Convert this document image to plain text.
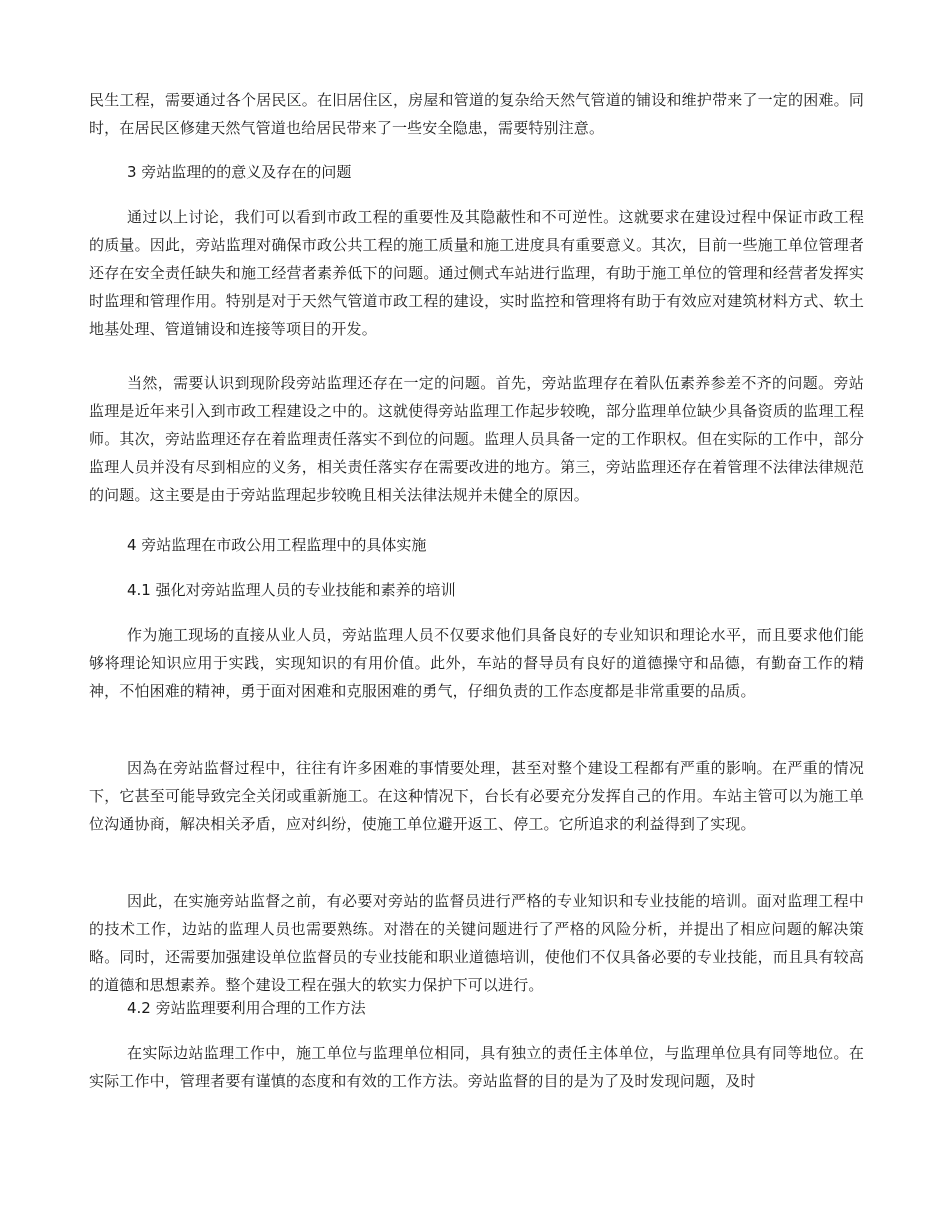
民生工程，需要通过各个居民区。在旧居住区，房屋和管道的复杂给天然气管道的铺设和维护带来了一定的困难。同时，在居民区修建天然气管道也给居民带来了一些安全隐患，需要特别注意。

3 旁站监理的的意义及存在的问题

通过以上讨论，我们可以看到市政工程的重要性及其隐蔽性和不可逆性。这就要求在建设过程中保证市政工程的质量。因此，旁站监理对确保市政公共工程的施工质量和施工进度具有重要意义。其次，目前一些施工单位管理者还存在安全责任缺失和施工经营者素养低下的问题。通过侧式车站进行监理，有助于施工单位的管理和经营者发挥实时监理和管理作用。特别是对于天然气管道市政工程的建设，实时监控和管理将有助于有效应对建筑材料方式、软土地基处理、管道铺设和连接等项目的开发。

当然，需要认识到现阶段旁站监理还存在一定的问题。首先，旁站监理存在着队伍素养参差不齐的问题。旁站监理是近年来引入到市政工程建设之中的。这就使得旁站监理工作起步较晚，部分监理单位缺少具备资质的监理工程师。其次，旁站监理还存在着监理责任落实不到位的问题。监理人员具备一定的工作职权。但在实际的工作中，部分监理人员并没有尽到相应的义务，相关责任落实存在需要改进的地方。第三，旁站监理还存在着管理不法律法律规范的问题。这主要是由于旁站监理起步较晚且相关法律法规并未健全的原因。

4 旁站监理在市政公用工程监理中的具体实施

4.1 强化对旁站监理人员的专业技能和素养的培训

作为施工现场的直接从业人员，旁站监理人员不仅要求他们具备良好的专业知识和理论水平，而且要求他们能够将理论知识应用于实践，实现知识的有用价值。此外，车站的督导员有良好的道德操守和品德，有勤奋工作的精神，不怕困难的精神，勇于面对困难和克服困难的勇气，仔细负责的工作态度都是非常重要的品质。

因為在旁站监督过程中，往往有许多困难的事情要处理，甚至对整个建设工程都有严重的影响。在严重的情况下，它甚至可能导致完全关闭或重新施工。在这种情况下，台长有必要充分发挥自己的作用。车站主管可以为施工单位沟通协商，解决相关矛盾，应对纠纷，使施工单位避开返工、停工。它所追求的利益得到了实现。

因此，在实施旁站监督之前，有必要对旁站的监督员进行严格的专业知识和专业技能的培训。面对监理工程中的技术工作，边站的监理人员也需要熟练。对潜在的关键问题进行了严格的风险分析，并提出了相应问题的解决策略。同时，还需要加强建设单位监督员的专业技能和职业道德培训，使他们不仅具备必要的专业技能，而且具有较高的道德和思想素养。整个建设工程在强大的软实力保护下可以进行。

4.2 旁站监理要利用合理的工作方法

在实际边站监理工作中，施工单位与监理单位相同，具有独立的责任主体单位，与监理单位具有同等地位。在实际工作中，管理者要有谨慎的态度和有效的工作方法。旁站监督的目的是为了及时发现问题，及时
